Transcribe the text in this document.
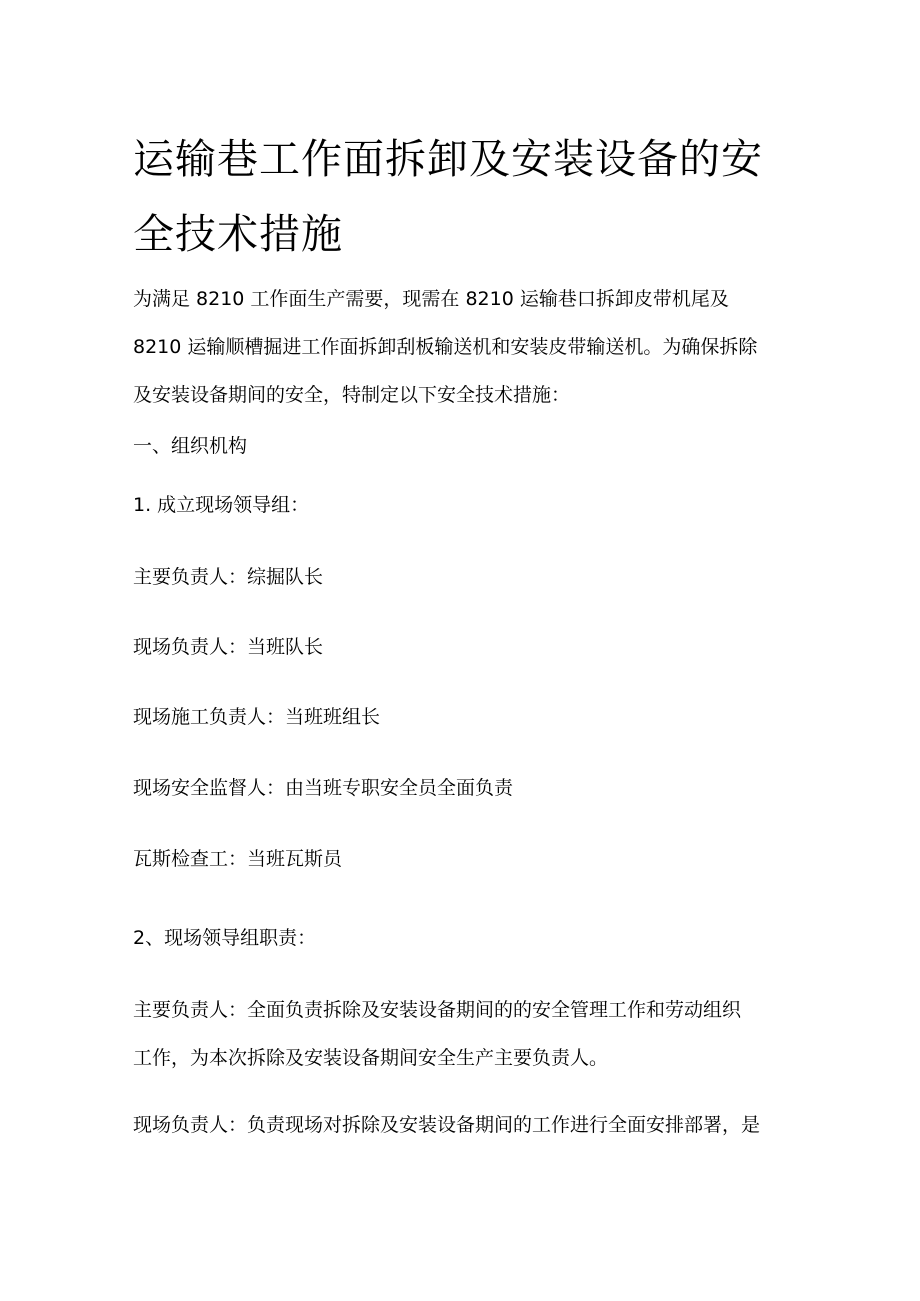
运输巷工作面拆卸及安装设备的安
全技术措施
为满足 8210 工作面生产需要，现需在 8210 运输巷口拆卸皮带机尾及
8210 运输顺槽掘进工作面拆卸刮板输送机和安装皮带输送机。为确保拆除
及安装设备期间的安全，特制定以下安全技术措施：
一、组织机构
1. 成立现场领导组：
主要负责人：综掘队长
现场负责人：当班队长
现场施工负责人：当班班组长
现场安全监督人：由当班专职安全员全面负责
瓦斯检查工：当班瓦斯员
2、现场领导组职责：
主要负责人：全面负责拆除及安装设备期间的的安全管理工作和劳动组织
工作，为本次拆除及安装设备期间安全生产主要负责人。
现场负责人：负责现场对拆除及安装设备期间的工作进行全面安排部署，是
